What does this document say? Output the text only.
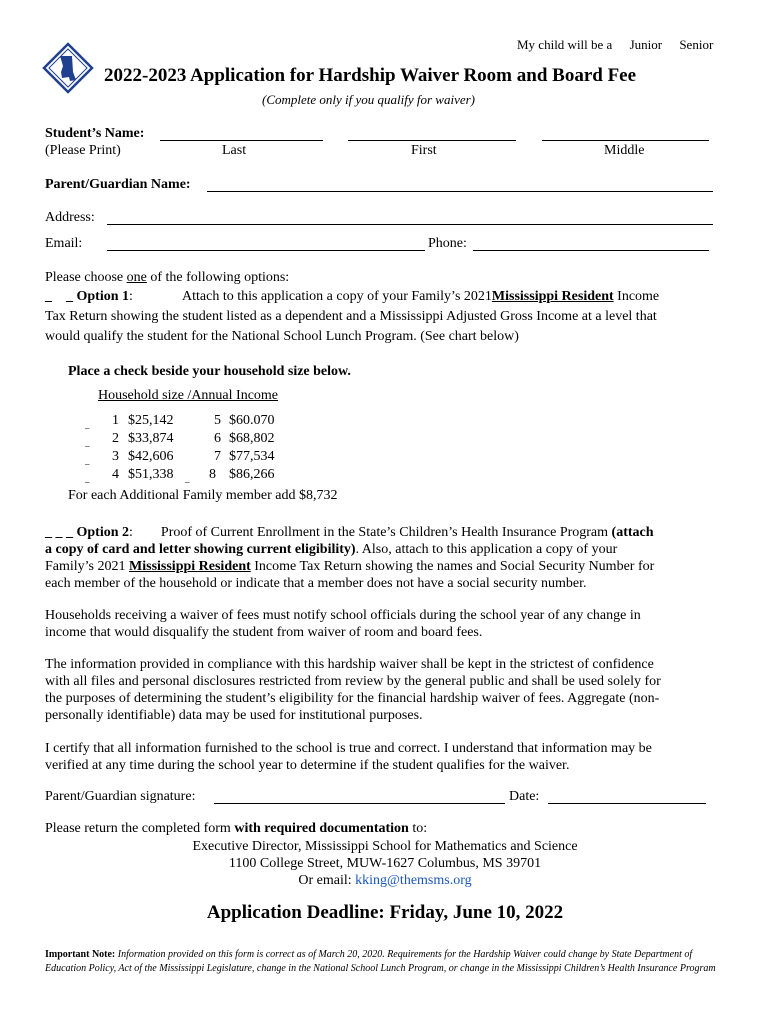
My child will be a Junior Senior
2022-2023 Application for Hardship Waiver Room and Board Fee
(Complete only if you qualify for waiver)
Student’s Name:
(Please Print)	Last	First	Middle
Parent/Guardian Name:
Address:
Email:	Phone:
Please choose one of the following options:
_    _ Option 1:	Attach to this application a copy of your Family’s 2021Mississippi Resident Income
Tax Return showing the student listed as a dependent and a Mississippi Adjusted Gross Income at a level that
would qualify the student for the National School Lunch Program. (See chart below)
Place a check beside your household size below.
Household size /Annual Income
_ 1 $25,142	5 $60.070
_ 2 $33,874	6 $68,802
_ 3 $42,606	7 $77,534
_ 4 $51,338 _ 8 $86,266
For each Additional Family member add $8,732

_ _ _ Option 2: Proof of Current Enrollment in the State’s Children’s Health Insurance Program (attach

a copy of card and letter showing current eligibility). Also, attach to this application a copy of your

Family’s 2021 Mississippi Resident Income Tax Return showing the names and Social Security Number for

each member of the household or indicate that a member does not have a social security number.

Households receiving a waiver of fees must notify school officials during the school year of any change in

income that would disqualify the student from waiver of room and board fees.

The information provided in compliance with this hardship waiver shall be kept in the strictest of confidence

with all files and personal disclosures restricted from review by the general public and shall be used solely for

the purposes of determining the student’s eligibility for the financial hardship waiver of fees. Aggregate (non-

personally identifiable) data may be used for institutional purposes.

I certify that all information furnished to the school is true and correct. I understand that information may be

verified at any time during the school year to determine if the student qualifies for the waiver.

Parent/Guardian signature:	Date:
Please return the completed form with required documentation to:
Executive Director, Mississippi School for Mathematics and Science
1100 College Street, MUW-1627 Columbus, MS 39701
Or email: kking@themsms.org
Application Deadline: Friday, June 10, 2022
Important Note: Information provided on this form is correct as of March 20, 2020. Requirements for the Hardship Waiver could change by State Department of Education Policy, Act of the Mississippi Legislature, change in the National School Lunch Program, or change in the Mississippi Children’s Health Insurance Program
